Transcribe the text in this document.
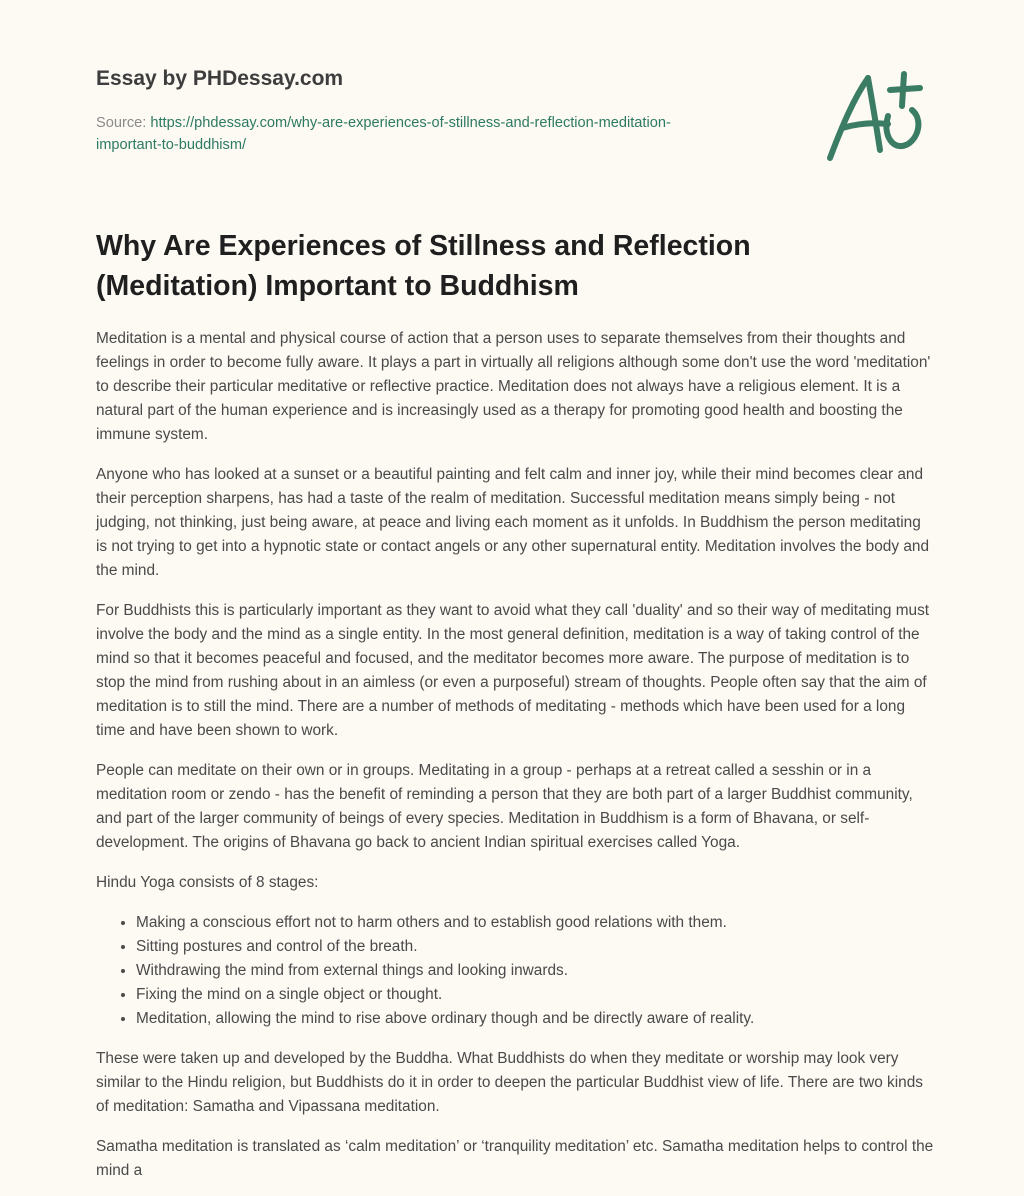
Essay by PHDessay.com

Source: https://phdessay.com/why-are-experiences-of-stillness-and-reflection-meditation-important-to-buddhism/

Why Are Experiences of Stillness and Reflection (Meditation) Important to Buddhism

Meditation is a mental and physical course of action that a person uses to separate themselves from their thoughts and feelings in order to become fully aware. It plays a part in virtually all religions although some don't use the word 'meditation' to describe their particular meditative or reflective practice. Meditation does not always have a religious element. It is a natural part of the human experience and is increasingly used as a therapy for promoting good health and boosting the immune system.

Anyone who has looked at a sunset or a beautiful painting and felt calm and inner joy, while their mind becomes clear and their perception sharpens, has had a taste of the realm of meditation. Successful meditation means simply being - not judging, not thinking, just being aware, at peace and living each moment as it unfolds. In Buddhism the person meditating is not trying to get into a hypnotic state or contact angels or any other supernatural entity. Meditation involves the body and the mind.

For Buddhists this is particularly important as they want to avoid what they call 'duality' and so their way of meditating must involve the body and the mind as a single entity. In the most general definition, meditation is a way of taking control of the mind so that it becomes peaceful and focused, and the meditator becomes more aware. The purpose of meditation is to stop the mind from rushing about in an aimless (or even a purposeful) stream of thoughts. People often say that the aim of meditation is to still the mind. There are a number of methods of meditating - methods which have been used for a long time and have been shown to work.

People can meditate on their own or in groups. Meditating in a group - perhaps at a retreat called a sesshin or in a meditation room or zendo - has the benefit of reminding a person that they are both part of a larger Buddhist community, and part of the larger community of beings of every species. Meditation in Buddhism is a form of Bhavana, or self-development. The origins of Bhavana go back to ancient Indian spiritual exercises called Yoga.

Hindu Yoga consists of 8 stages:

• Making a conscious effort not to harm others and to establish good relations with them.
• Sitting postures and control of the breath.
• Withdrawing the mind from external things and looking inwards.
• Fixing the mind on a single object or thought.
• Meditation, allowing the mind to rise above ordinary though and be directly aware of reality.

These were taken up and developed by the Buddha. What Buddhists do when they meditate or worship may look very similar to the Hindu religion, but Buddhists do it in order to deepen the particular Buddhist view of life. There are two kinds of meditation: Samatha and Vipassana meditation.

Samatha meditation is translated as ‘calm meditation’ or ‘tranquility meditation’ etc. Samatha meditation helps to control the mind a
